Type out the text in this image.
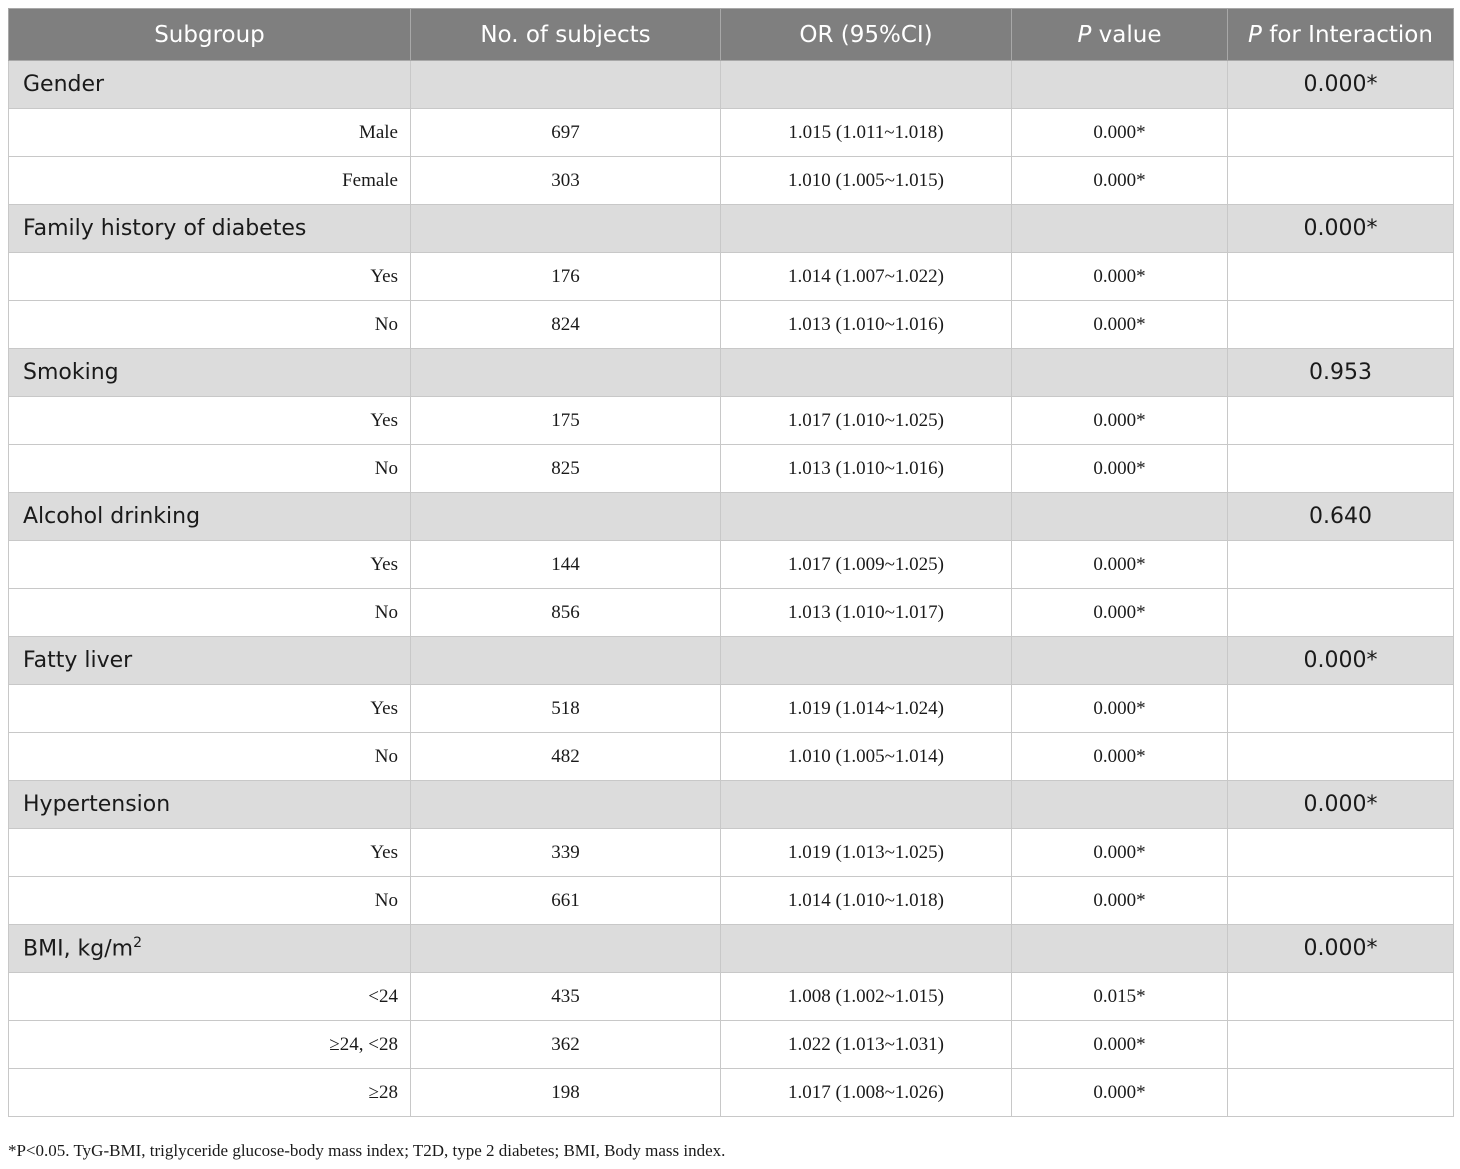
Subgroup	No. of subjects	OR (95%CI)	P value	P for Interaction
Gender				0.000*
Male	697	1.015 (1.011~1.018)	0.000*	
Female	303	1.010 (1.005~1.015)	0.000*	
Family history of diabetes				0.000*
Yes	176	1.014 (1.007~1.022)	0.000*	
No	824	1.013 (1.010~1.016)	0.000*	
Smoking				0.953
Yes	175	1.017 (1.010~1.025)	0.000*	
No	825	1.013 (1.010~1.016)	0.000*	
Alcohol drinking				0.640
Yes	144	1.017 (1.009~1.025)	0.000*	
No	856	1.013 (1.010~1.017)	0.000*	
Fatty liver				0.000*
Yes	518	1.019 (1.014~1.024)	0.000*	
No	482	1.010 (1.005~1.014)	0.000*	
Hypertension				0.000*
Yes	339	1.019 (1.013~1.025)	0.000*	
No	661	1.014 (1.010~1.018)	0.000*	
BMI, $kg/m^2$				0.000*
<24	435	1.008 (1.002~1.015)	0.015*	
≥24, <28	362	1.022 (1.013~1.031)	0.000*	
≥28	198	1.017 (1.008~1.026)	0.000*	
*P<0.05. TyG-BMI, triglyceride glucose-body mass index; T2D, type 2 diabetes; BMI, Body mass index.
